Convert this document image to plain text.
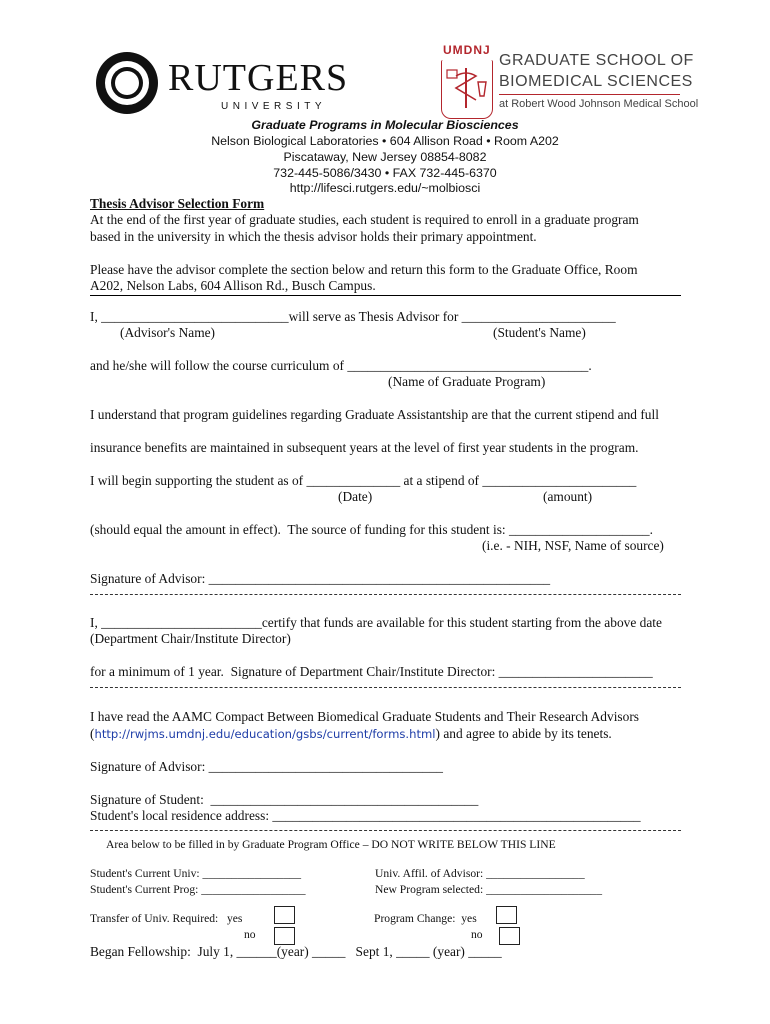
RUTGERS
UNIVERSITY
UMDNJ
GRADUATE SCHOOL OF
BIOMEDICAL SCIENCES
at Robert Wood Johnson Medical School
Graduate Programs in Molecular Biosciences
Nelson Biological Laboratories • 604 Allison Road • Room A202
Piscataway, New Jersey 08854-8082
732-445-5086/3430 • FAX 732-445-6370
http://lifesci.rutgers.edu/~molbiosci
Thesis Advisor Selection Form
At the end of the first year of graduate studies, each student is required to enroll in a graduate program
based in the university in which the thesis advisor holds their primary appointment.
Please have the advisor complete the section below and return this form to the Graduate Office, Room
A202, Nelson Labs, 604 Allison Rd., Busch Campus.
I, ____________________________will serve as Thesis Advisor for _______________________
(Advisor's Name)	(Student's Name)
and he/she will follow the course curriculum of ____________________________________.
(Name of Graduate Program)
I understand that program guidelines regarding Graduate Assistantship are that the current stipend and full
insurance benefits are maintained in subsequent years at the level of first year students in the program.
I will begin supporting the student as of ______________ at a stipend of _______________________
(Date)	(amount)
(should equal the amount in effect).  The source of funding for this student is: _____________________.
(i.e. - NIH, NSF, Name of source)
Signature of Advisor: ___________________________________________________
I, ________________________certify that funds are available for this student starting from the above date
(Department Chair/Institute Director)
for a minimum of 1 year.  Signature of Department Chair/Institute Director: _______________________
I have read the AAMC Compact Between Biomedical Graduate Students and Their Research Advisors
(http://rwjms.umdnj.edu/education/gsbs/current/forms.html) and agree to abide by its tenets.
Signature of Advisor: ___________________________________
Signature of Student:  ________________________________________
Student's local residence address: _______________________________________________________
Area below to be filled in by Graduate Program Office – DO NOT WRITE BELOW THIS LINE
Student's Current Univ: _________________
Student's Current Prog: __________________
Univ. Affil. of Advisor: _________________
New Program selected: ____________________
Transfer of Univ. Required:   yes
no
Program Change:  yes
no
Began Fellowship:  July 1, ______(year) _____   Sept 1, _____ (year) _____
